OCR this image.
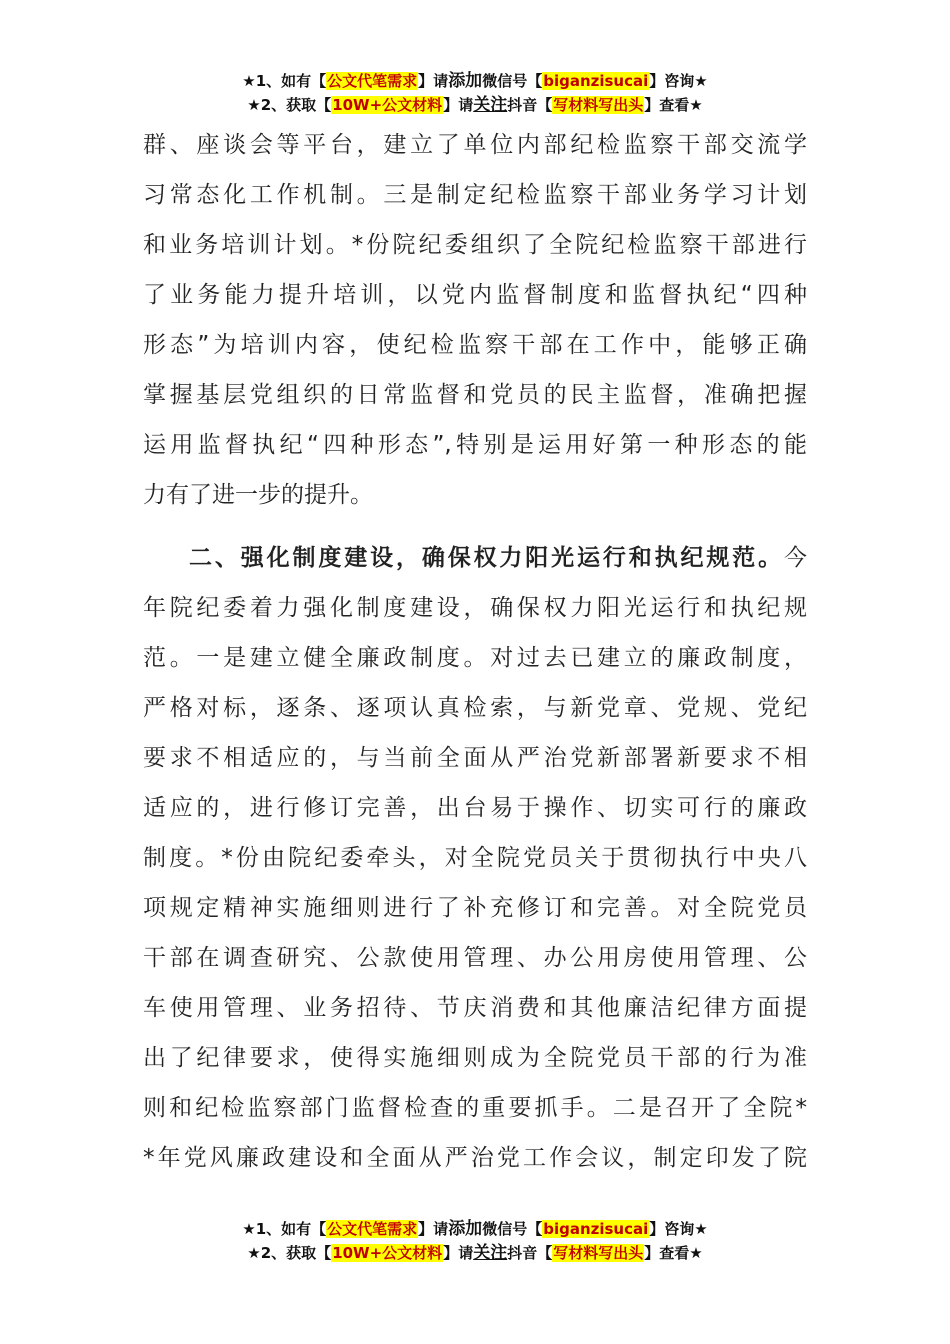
★1、如有【公文代笔需求】请添加微信号【biganzisucai】咨询★
★2、获取【10W+公文材料】请关注抖音【写材料写出头】查看★
群、座谈会等平台，建立了单位内部纪检监察干部交流学
习常态化工作机制。三是制定纪检监察干部业务学习计划
和业务培训计划。*份院纪委组织了全院纪检监察干部进行
了业务能力提升培训，以党内监督制度和监督执纪“四种
形态”为培训内容，使纪检监察干部在工作中，能够正确
掌握基层党组织的日常监督和党员的民主监督，准确把握
运用监督执纪“四种形态”,特别是运用好第一种形态的能
力有了进一步的提升。
二、强化制度建设，确保权力阳光运行和执纪规范。今
年院纪委着力强化制度建设，确保权力阳光运行和执纪规
范。一是建立健全廉政制度。对过去已建立的廉政制度，
严格对标，逐条、逐项认真检索，与新党章、党规、党纪
要求不相适应的，与当前全面从严治党新部署新要求不相
适应的，进行修订完善，出台易于操作、切实可行的廉政
制度。*份由院纪委牵头，对全院党员关于贯彻执行中央八
项规定精神实施细则进行了补充修订和完善。对全院党员
干部在调查研究、公款使用管理、办公用房使用管理、公
车使用管理、业务招待、节庆消费和其他廉洁纪律方面提
出了纪律要求，使得实施细则成为全院党员干部的行为准
则和纪检监察部门监督检查的重要抓手。二是召开了全院*
*年党风廉政建设和全面从严治党工作会议，制定印发了院
★1、如有【公文代笔需求】请添加微信号【biganzisucai】咨询★
★2、获取【10W+公文材料】请关注抖音【写材料写出头】查看★
